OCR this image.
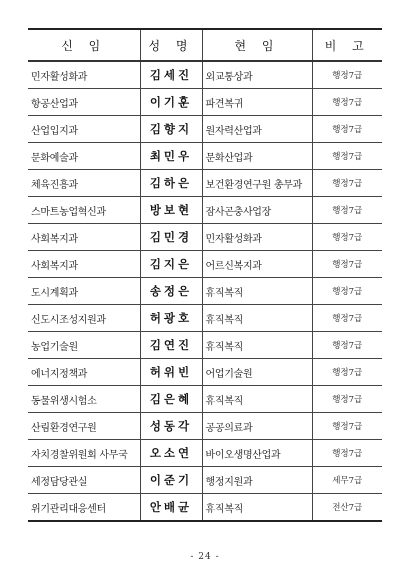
신 임	성 명	현 임	비 고
민자활성화과	김세진	외교통상과	행정7급
항공산업과	이기훈	파견복귀	행정7급
산업입지과	김향지	원자력산업과	행정7급
문화예술과	최민우	문화산업과	행정7급
체육진흥과	김하은	보건환경연구원 총무과	행정7급
스마트농업혁신과	방보현	잠사곤충사업장	행정7급
사회복지과	김민경	민자활성화과	행정7급
사회복지과	김지은	어르신복지과	행정7급
도시계획과	송정은	휴직복직	행정7급
신도시조성지원과	허광호	휴직복직	행정7급
농업기술원	김연진	휴직복직	행정7급
에너지정책과	허위빈	어업기술원	행정7급
동물위생시험소	김은혜	휴직복직	행정7급
산림환경연구원	성동각	공공의료과	행정7급
자치경찰위원회 사무국	오소연	바이오생명산업과	행정7급
세정담당관실	이준기	행정지원과	세무7급
위기관리대응센터	안배균	휴직복직	전산7급
- 24 -
